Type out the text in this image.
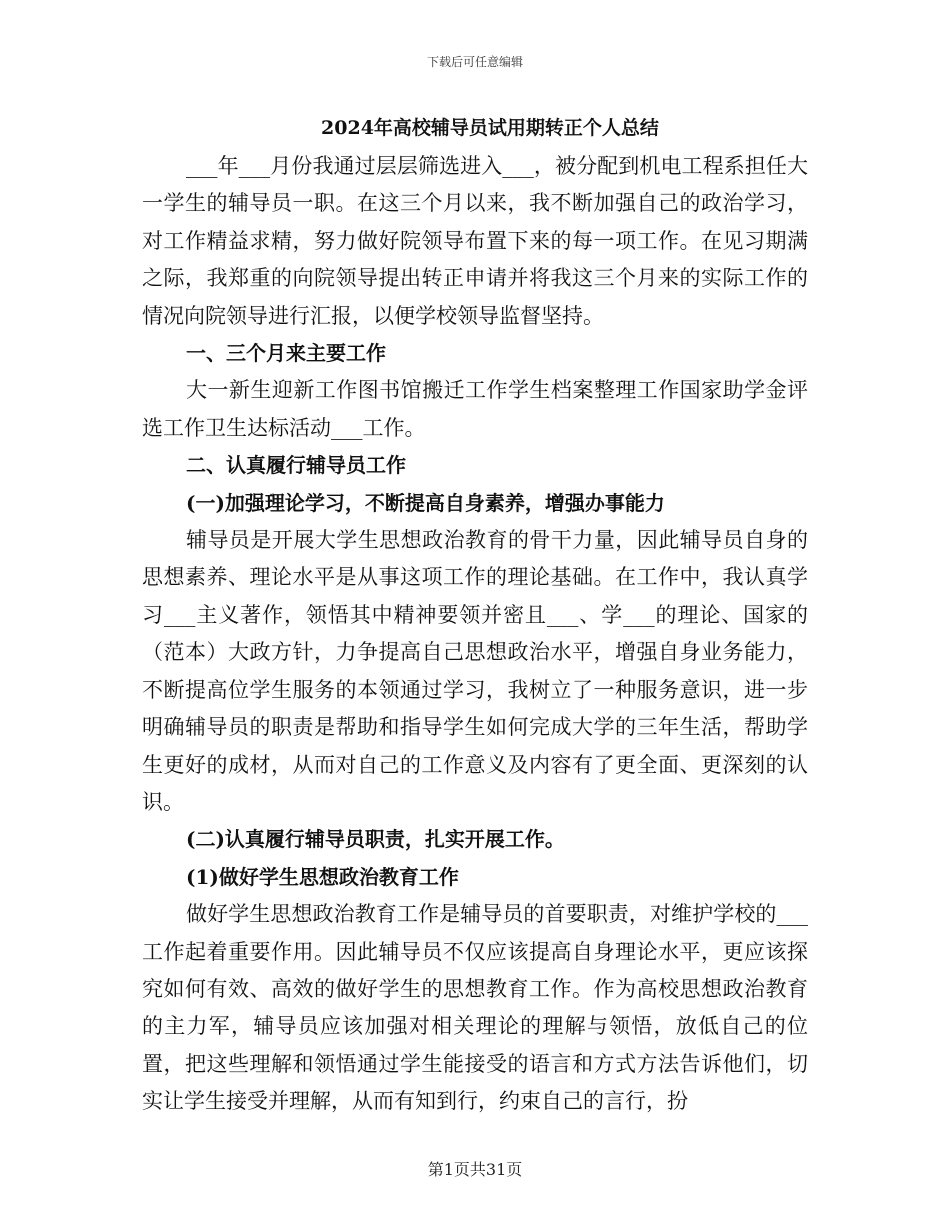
下载后可任意编辑
2024年高校辅导员试用期转正个人总结

___年___月份我通过层层筛选进入___，被分配到机电工程系担任大一学生的辅导员一职。在这三个月以来，我不断加强自己的政治学习，对工作精益求精，努力做好院领导布置下来的每一项工作。在见习期满之际，我郑重的向院领导提出转正申请并将我这三个月来的实际工作的情况向院领导进行汇报，以便学校领导监督坚持。

一、三个月来主要工作

大一新生迎新工作图书馆搬迁工作学生档案整理工作国家助学金评选工作卫生达标活动___工作。

二、认真履行辅导员工作

(一)加强理论学习，不断提高自身素养，增强办事能力

辅导员是开展大学生思想政治教育的骨干力量，因此辅导员自身的思想素养、理论水平是从事这项工作的理论基础。在工作中，我认真学习___主义著作，领悟其中精神要领并密且___、学___的理论、国家的（范本）大政方针，力争提高自己思想政治水平，增强自身业务能力，不断提高位学生服务的本领通过学习，我树立了一种服务意识，进一步明确辅导员的职责是帮助和指导学生如何完成大学的三年生活，帮助学生更好的成材，从而对自己的工作意义及内容有了更全面、更深刻的认识。

(二)认真履行辅导员职责，扎实开展工作。

(1)做好学生思想政治教育工作

做好学生思想政治教育工作是辅导员的首要职责，对维护学校的___工作起着重要作用。因此辅导员不仅应该提高自身理论水平，更应该探究如何有效、高效的做好学生的思想教育工作。作为高校思想政治教育的主力军，辅导员应该加强对相关理论的理解与领悟，放低自己的位置，把这些理解和领悟通过学生能接受的语言和方式方法告诉他们，切实让学生接受并理解，从而有知到行，约束自己的言行，扮

第1页共31页
